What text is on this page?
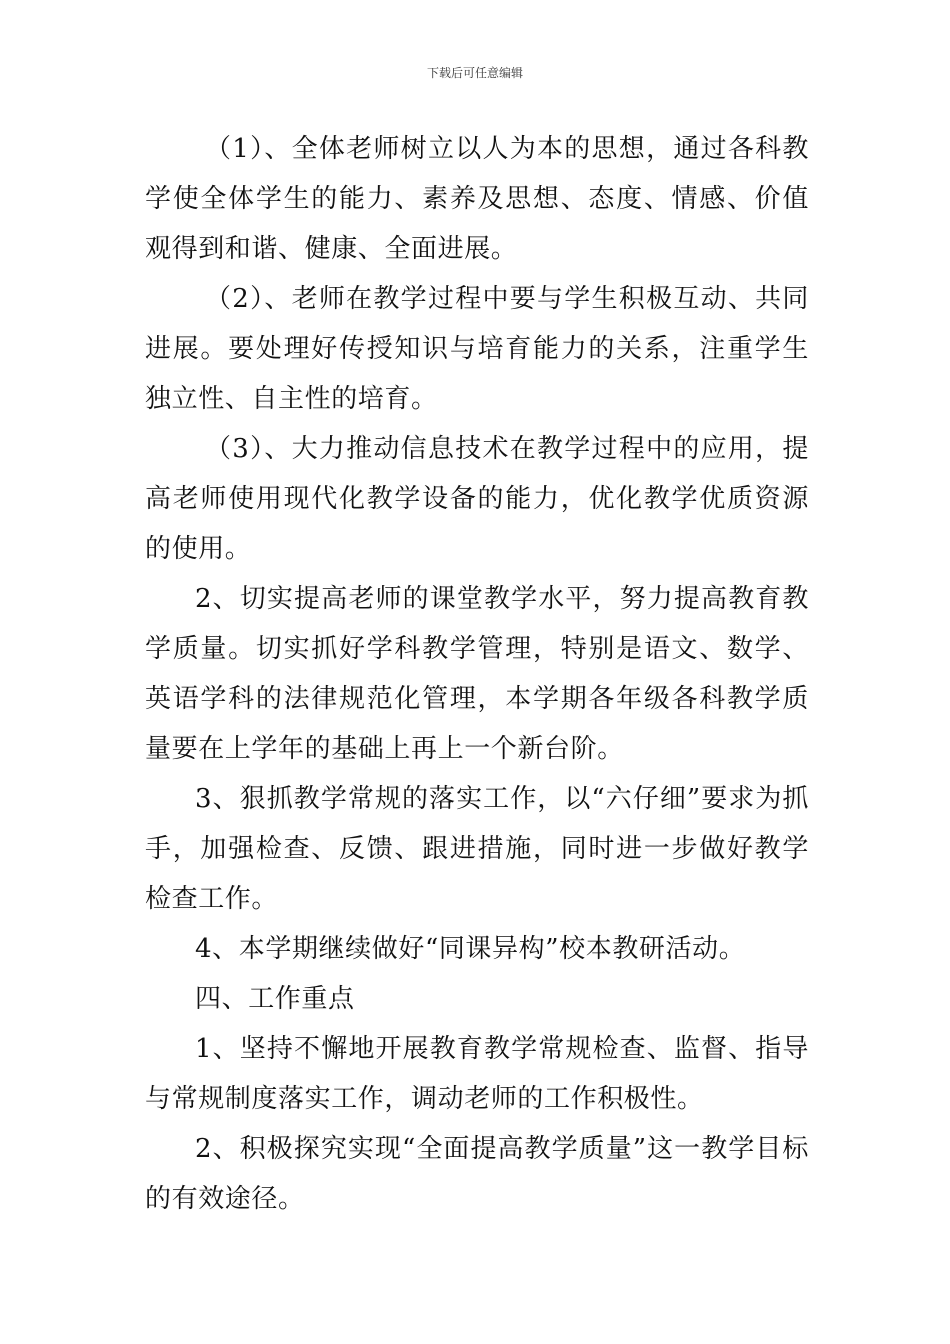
下载后可任意编辑

（1）、全体老师树立以人为本的思想，通过各科教学使全体学生的能力、素养及思想、态度、情感、价值观得到和谐、健康、全面进展。

（2）、老师在教学过程中要与学生积极互动、共同进展。要处理好传授知识与培育能力的关系，注重学生独立性、自主性的培育。

（3）、大力推动信息技术在教学过程中的应用，提高老师使用现代化教学设备的能力，优化教学优质资源的使用。

2、切实提高老师的课堂教学水平，努力提高教育教学质量。切实抓好学科教学管理，特别是语文、数学、英语学科的法律规范化管理，本学期各年级各科教学质量要在上学年的基础上再上一个新台阶。

3、狠抓教学常规的落实工作，以“六仔细”要求为抓手，加强检查、反馈、跟进措施，同时进一步做好教学检查工作。

4、本学期继续做好“同课异构”校本教研活动。

四、工作重点

1、坚持不懈地开展教育教学常规检查、监督、指导与常规制度落实工作，调动老师的工作积极性。

2、积极探究实现“全面提高教学质量”这一教学目标的有效途径。
